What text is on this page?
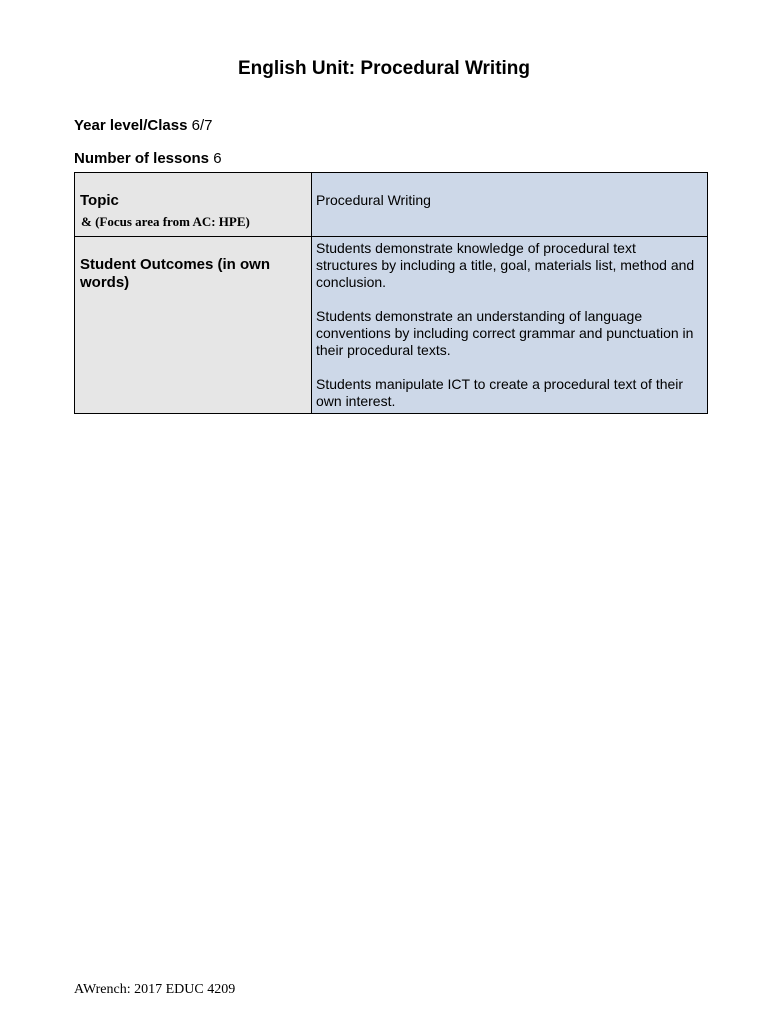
English Unit: Procedural Writing
Year level/Class 6/7
Number of lessons 6
Topic
& (Focus area from AC: HPE)	Procedural Writing

Student Outcomes (in own words)	Students demonstrate knowledge of procedural text structures by including a title, goal, materials list, method and conclusion.

Students demonstrate an understanding of language conventions by including correct grammar and punctuation in their procedural texts.

Students manipulate ICT to create a procedural text of their own interest.

AWrench: 2017 EDUC 4209
